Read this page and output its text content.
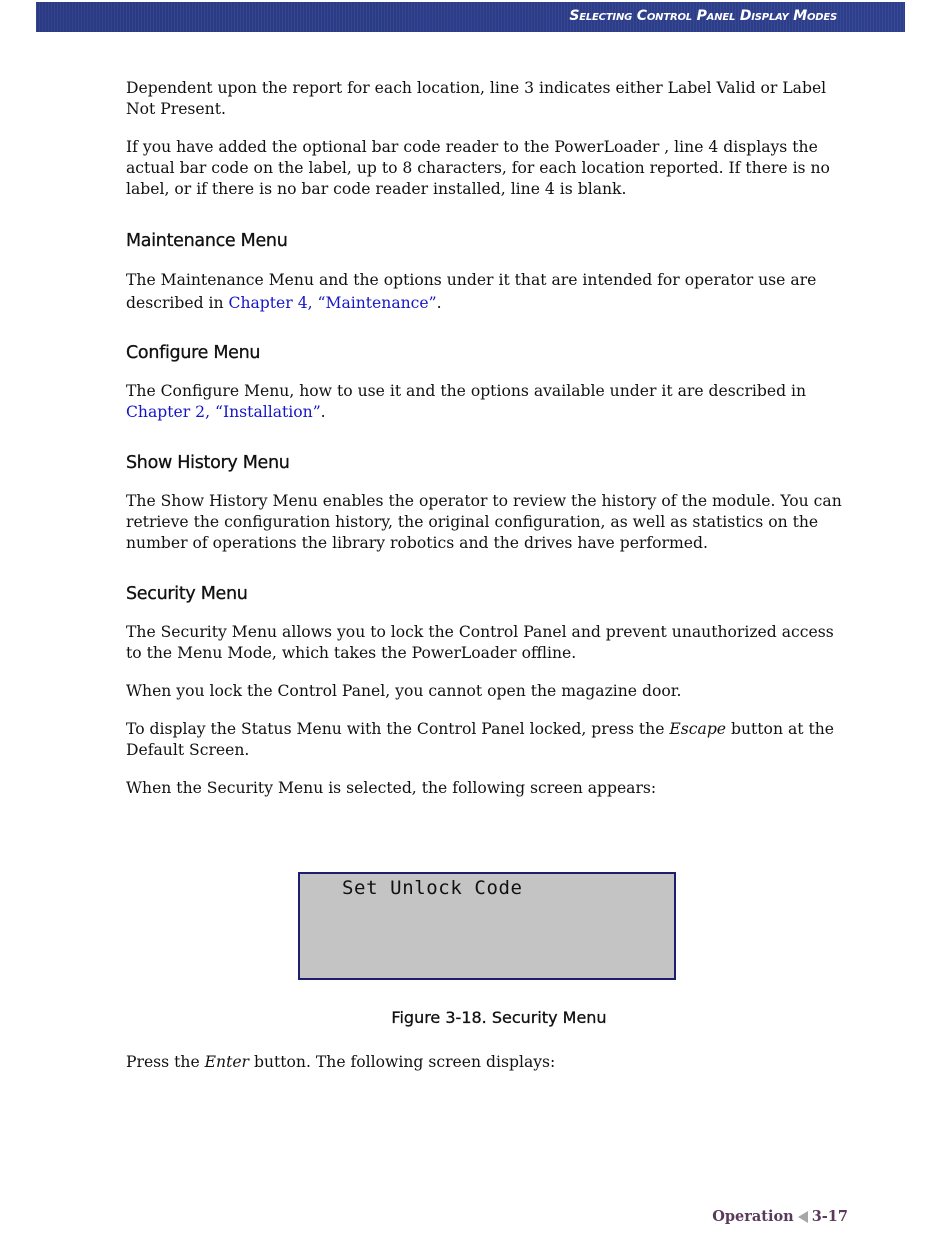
Selecting Control Panel Display Modes

Dependent upon the report for each location, line 3 indicates either Label Valid or Label Not Present.

If you have added the optional bar code reader to the PowerLoader , line 4 displays the actual bar code on the label, up to 8 characters, for each location reported. If there is no label, or if there is no bar code reader installed, line 4 is blank.

Maintenance Menu

The Maintenance Menu and the options under it that are intended for operator use are described in Chapter 4, “Maintenance”.

Configure Menu

The Configure Menu, how to use it and the options available under it are described in Chapter 2, “Installation”.

Show History Menu

The Show History Menu enables the operator to review the history of the module. You can retrieve the configuration history, the original configuration, as well as statistics on the number of operations the library robotics and the drives have performed.

Security Menu

The Security Menu allows you to lock the Control Panel and prevent unauthorized access to the Menu Mode, which takes the PowerLoader offline.

When you lock the Control Panel, you cannot open the magazine door.

To display the Status Menu with the Control Panel locked, press the Escape button at the Default Screen.

When the Security Menu is selected, the following screen appears:

Set Unlock Code
Figure 3-18. Security Menu

Press the Enter button. The following screen displays:

Operation 3-17
